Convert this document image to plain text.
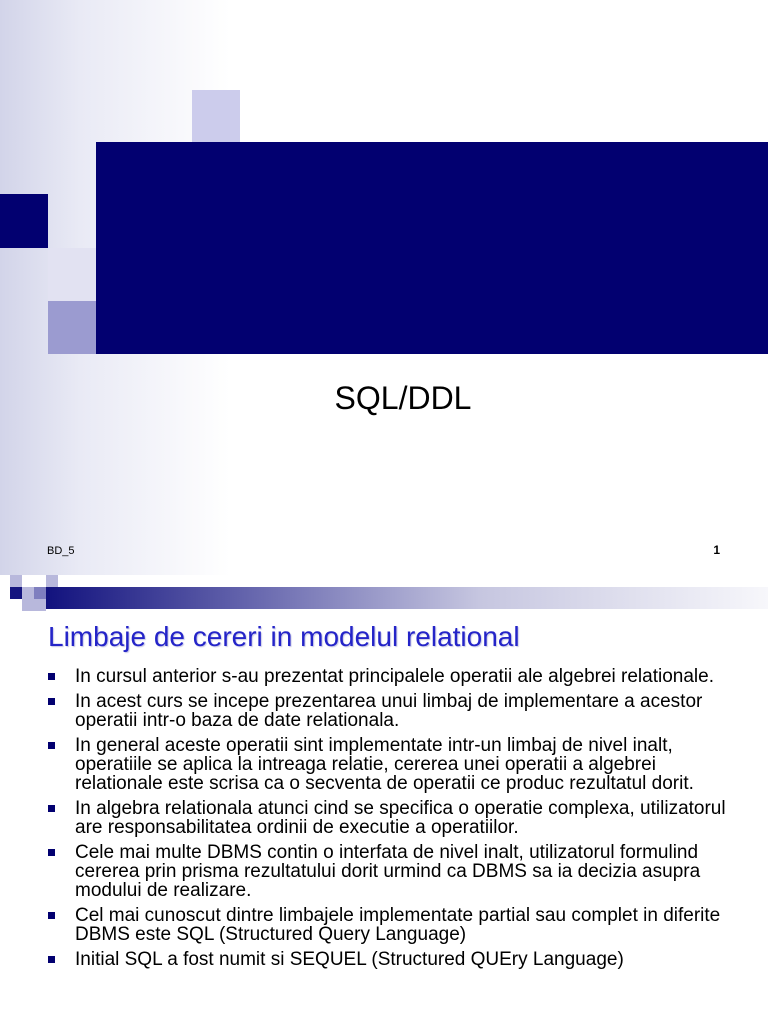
SQL/DDL
BD_5	1
Limbaje de cereri in modelul relational
In cursul anterior s-au prezentat principalele operatii ale algebrei relationale.
In acest curs se incepe prezentarea unui limbaj de implementare a acestor operatii intr-o baza de date relationala.
In general aceste operatii sint implementate intr-un limbaj de nivel inalt, operatiile se aplica la intreaga relatie, cererea unei operatii a algebrei relationale este scrisa ca o secventa de operatii ce produc rezultatul dorit.
In algebra relationala atunci cind se specifica o operatie complexa, utilizatorul are responsabilitatea ordinii de executie a operatiilor.
Cele mai multe DBMS contin o interfata de nivel inalt, utilizatorul formulind cererea prin prisma rezultatului dorit urmind ca DBMS sa ia decizia asupra modului de realizare.
Cel mai cunoscut dintre limbajele implementate partial sau complet in diferite DBMS este SQL (Structured Query Language)
Initial SQL a fost numit si SEQUEL (Structured QUEry Language)
